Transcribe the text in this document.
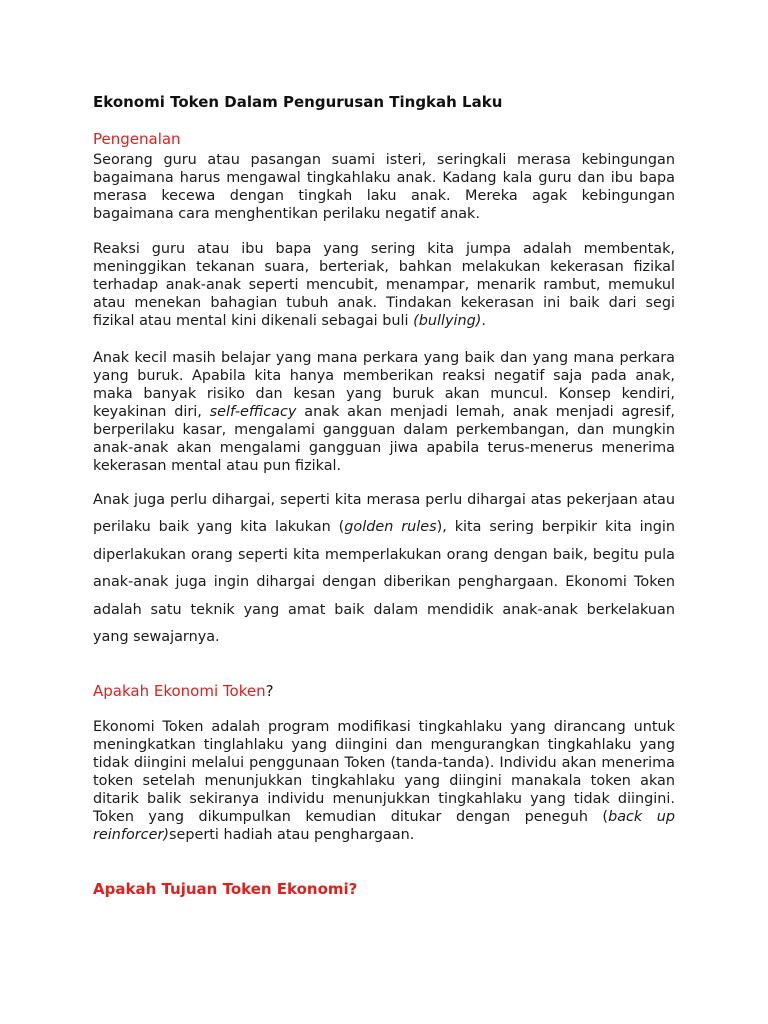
Ekonomi Token Dalam Pengurusan Tingkah Laku

Pengenalan

Seorang guru atau pasangan suami isteri, seringkali merasa kebingungan bagaimana harus mengawal tingkahlaku anak. Kadang kala guru dan ibu bapa merasa kecewa dengan tingkah laku anak. Mereka agak kebingungan bagaimana cara menghentikan perilaku negatif anak.

Reaksi guru atau ibu bapa yang sering kita jumpa adalah membentak, meninggikan tekanan suara, berteriak, bahkan melakukan kekerasan fizikal terhadap anak-anak seperti mencubit, menampar, menarik rambut, memukul atau menekan bahagian tubuh anak. Tindakan kekerasan ini baik dari segi fizikal atau mental kini dikenali sebagai buli (bullying).

Anak kecil masih belajar yang mana perkara yang baik dan yang mana perkara yang buruk. Apabila kita hanya memberikan reaksi negatif saja pada anak, maka banyak risiko dan kesan yang buruk akan muncul. Konsep kendiri, keyakinan diri, self-efficacy anak akan menjadi lemah, anak menjadi agresif, berperilaku kasar, mengalami gangguan dalam perkembangan, dan mungkin anak-anak akan mengalami gangguan jiwa apabila terus-menerus menerima kekerasan mental atau pun fizikal.

Anak juga perlu dihargai, seperti kita merasa perlu dihargai atas pekerjaan atau perilaku baik yang kita lakukan (golden rules), kita sering berpikir kita ingin diperlakukan orang seperti kita memperlakukan orang dengan baik, begitu pula anak-anak juga ingin dihargai dengan diberikan penghargaan. Ekonomi Token adalah satu teknik yang amat baik dalam mendidik anak-anak berkelakuan yang sewajarnya.

Apakah Ekonomi Token?

Ekonomi Token adalah program modifikasi tingkahlaku yang dirancang untuk meningkatkan tinglahlaku yang diingini dan mengurangkan tingkahlaku yang tidak diingini melalui penggunaan Token (tanda-tanda). Individu akan menerima token setelah menunjukkan tingkahlaku yang diingini manakala token akan ditarik balik sekiranya individu menunjukkan tingkahlaku yang tidak diingini. Token yang dikumpulkan kemudian ditukar dengan peneguh (back up reinforcer)seperti hadiah atau penghargaan.

Apakah Tujuan Token Ekonomi?
